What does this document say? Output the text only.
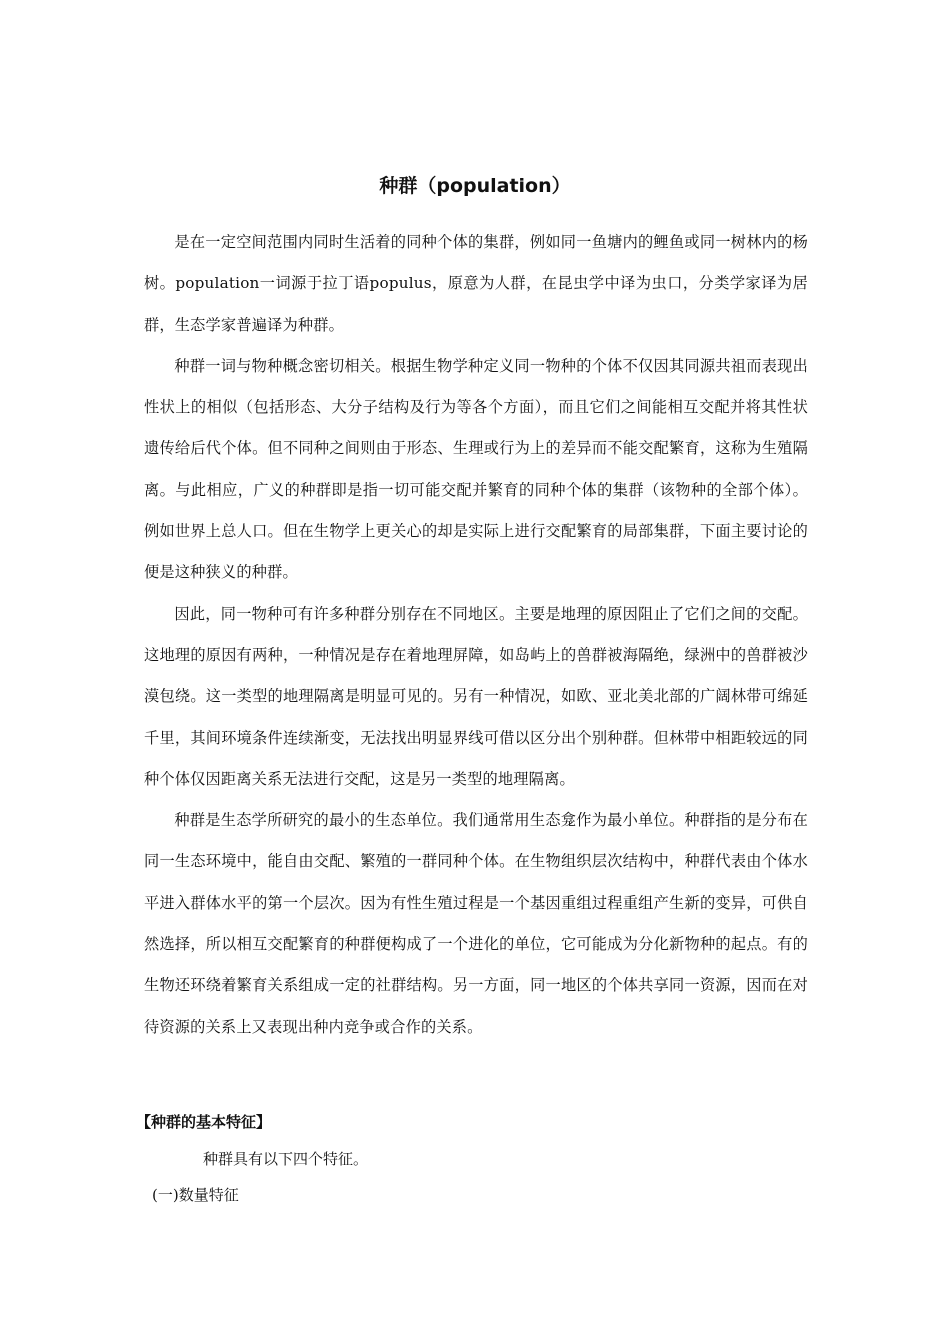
种群（population）

是在一定空间范围内同时生活着的同种个体的集群，例如同一鱼塘内的鲤鱼或同一树林内的杨树。population一词源于拉丁语populus，原意为人群，在昆虫学中译为虫口，分类学家译为居群，生态学家普遍译为种群。

种群一词与物种概念密切相关。根据生物学种定义同一物种的个体不仅因其同源共祖而表现出性状上的相似（包括形态、大分子结构及行为等各个方面），而且它们之间能相互交配并将其性状遗传给后代个体。但不同种之间则由于形态、生理或行为上的差异而不能交配繁育，这称为生殖隔离。与此相应，广义的种群即是指一切可能交配并繁育的同种个体的集群（该物种的全部个体）。例如世界上总人口。但在生物学上更关心的却是实际上进行交配繁育的局部集群，下面主要讨论的便是这种狭义的种群。

因此，同一物种可有许多种群分别存在不同地区。主要是地理的原因阻止了它们之间的交配。这地理的原因有两种，一种情况是存在着地理屏障，如岛屿上的兽群被海隔绝，绿洲中的兽群被沙漠包绕。这一类型的地理隔离是明显可见的。另有一种情况，如欧、亚北美北部的广阔林带可绵延千里，其间环境条件连续渐变，无法找出明显界线可借以区分出个别种群。但林带中相距较远的同种个体仅因距离关系无法进行交配，这是另一类型的地理隔离。

种群是生态学所研究的最小的生态单位。我们通常用生态龛作为最小单位。种群指的是分布在同一生态环境中，能自由交配、繁殖的一群同种个体。在生物组织层次结构中，种群代表由个体水平进入群体水平的第一个层次。因为有性生殖过程是一个基因重组过程重组产生新的变异，可供自然选择，所以相互交配繁育的种群便构成了一个进化的单位，它可能成为分化新物种的起点。有的生物还环绕着繁育关系组成一定的社群结构。另一方面，同一地区的个体共享同一资源，因而在对待资源的关系上又表现出种内竞争或合作的关系。

【种群的基本特征】

种群具有以下四个特征。

(一)数量特征
